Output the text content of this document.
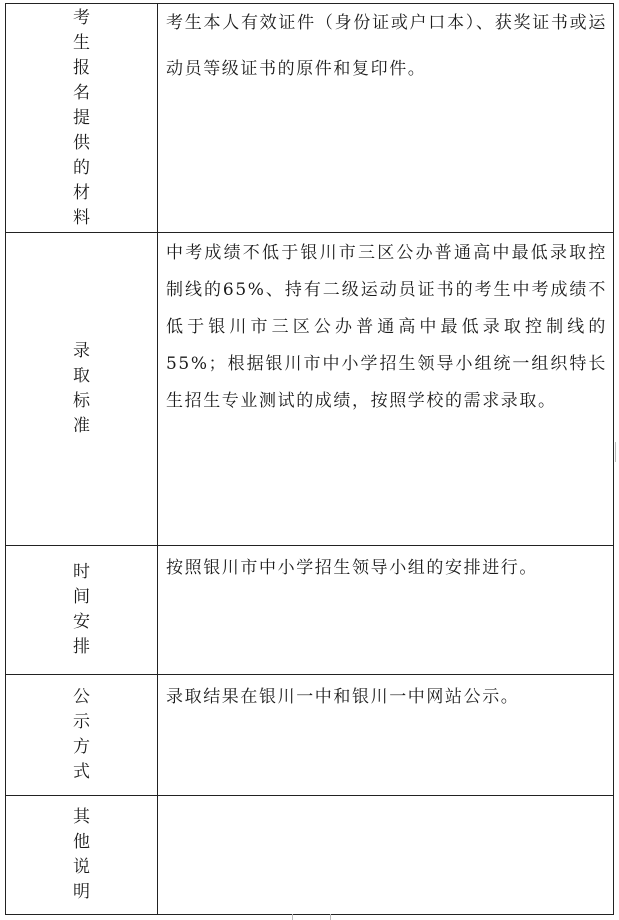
考生报名提供的材料	考生本人有效证件（身份证或户口本）、获奖证书或运动员等级证书的原件和复印件。

录取标准	中考成绩不低于银川市三区公办普通高中最低录取控制线的65%、持有二级运动员证书的考生中考成绩不低于银川市三区公办普通高中最低录取控制线的55%；根据银川市中小学招生领导小组统一组织特长生招生专业测试的成绩，按照学校的需求录取。

时间安排	按照银川市中小学招生领导小组的安排进行。

公示方式	录取结果在银川一中和银川一中网站公示。

其他说明	
